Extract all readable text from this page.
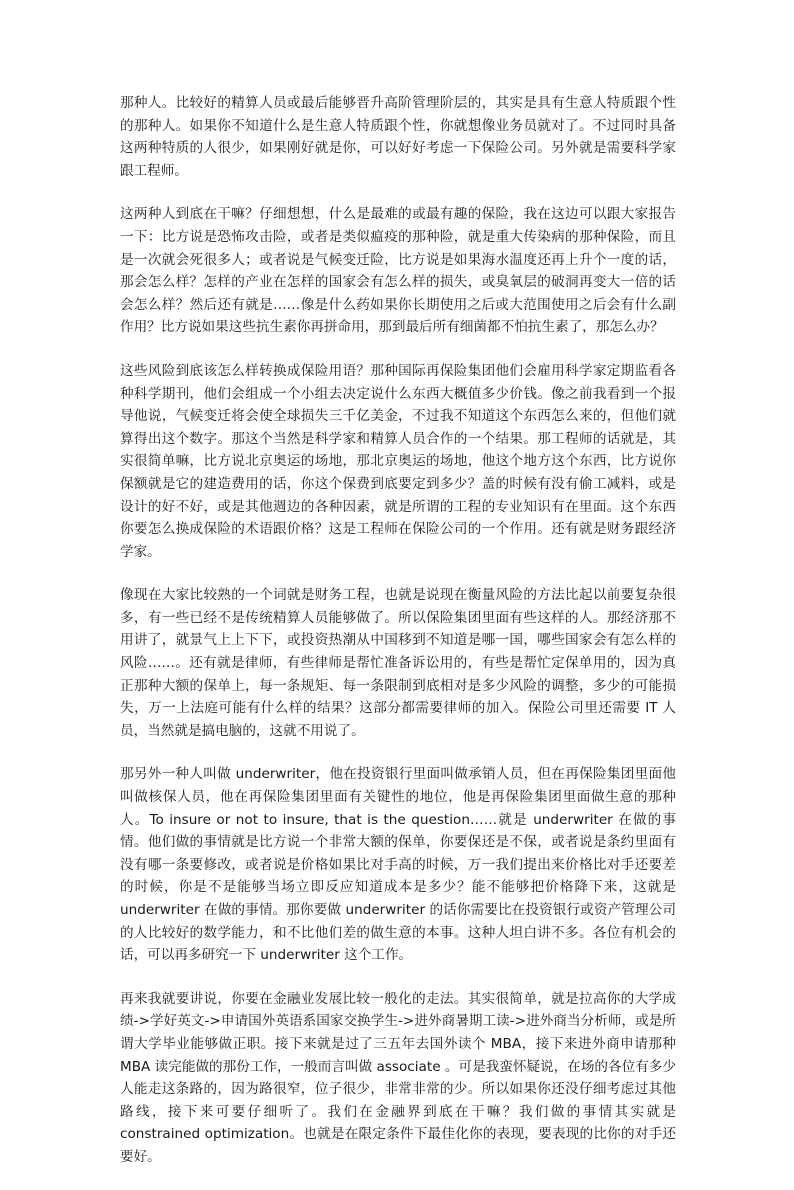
那种人。比较好的精算人员或最后能够晋升高阶管理阶层的，其实是具有生意人特质跟个性的那种人。如果你不知道什么是生意人特质跟个性，你就想像业务员就对了。不过同时具备这两种特质的人很少，如果刚好就是你，可以好好考虑一下保险公司。另外就是需要科学家跟工程师。

这两种人到底在干嘛？仔细想想，什么是最难的或最有趣的保险，我在这边可以跟大家报告一下：比方说是恐怖攻击险，或者是类似瘟疫的那种险，就是重大传染病的那种保险，而且是一次就会死很多人；或者说是气候变迁险，比方说是如果海水温度还再上升个一度的话，那会怎么样？怎样的产业在怎样的国家会有怎么样的损失，或臭氧层的破洞再变大一倍的话会怎么样？然后还有就是……像是什么药如果你长期使用之后或大范围使用之后会有什么副作用？比方说如果这些抗生素你再拼命用，那到最后所有细菌都不怕抗生素了，那怎么办？

这些风险到底该怎么样转换成保险用语？那种国际再保险集团他们会雇用科学家定期监看各种科学期刊，他们会组成一个小组去决定说什么东西大概值多少价钱。像之前我看到一个报导他说，气候变迁将会使全球损失三千亿美金，不过我不知道这个东西怎么来的，但他们就算得出这个数字。那这个当然是科学家和精算人员合作的一个结果。那工程师的话就是，其实很简单嘛，比方说北京奥运的场地，那北京奥运的场地，他这个地方这个东西，比方说你保额就是它的建造费用的话，你这个保费到底要定到多少？盖的时候有没有偷工减料，或是设计的好不好，或是其他週边的各种因素，就是所谓的工程的专业知识有在里面。这个东西你要怎么换成保险的术语跟价格？这是工程师在保险公司的一个作用。还有就是财务跟经济学家。

像现在大家比较熟的一个词就是财务工程，也就是说现在衡量风险的方法比起以前要复杂很多，有一些已经不是传统精算人员能够做了。所以保险集团里面有些这样的人。那经济那不用讲了，就景气上上下下，或投资热潮从中国移到不知道是哪一国，哪些国家会有怎么样的风险……。还有就是律师，有些律师是帮忙准备诉讼用的，有些是帮忙定保单用的，因为真正那种大额的保单上，每一条规矩、每一条限制到底相对是多少风险的调整，多少的可能损失，万一上法庭可能有什么样的结果？这部分都需要律师的加入。保险公司里还需要 IT 人员，当然就是搞电脑的，这就不用说了。

那另外一种人叫做 underwriter，他在投资银行里面叫做承销人员，但在再保险集团里面他叫做核保人员，他在再保险集团里面有关键性的地位，他是再保险集团里面做生意的那种人。To insure or not to insure, that is the question……就是 underwriter 在做的事情。他们做的事情就是比方说一个非常大额的保单，你要保还是不保，或者说是条约里面有没有哪一条要修改，或者说是价格如果比对手高的时候，万一我们提出来价格比对手还要差的时候，你是不是能够当场立即反应知道成本是多少？能不能够把价格降下来，这就是 underwriter 在做的事情。那你要做 underwriter 的话你需要比在投资银行或资产管理公司的人比较好的数学能力，和不比他们差的做生意的本事。这种人坦白讲不多。各位有机会的话，可以再多研究一下 underwriter 这个工作。

再来我就要讲说，你要在金融业发展比较一般化的走法。其实很简单，就是拉高你的大学成绩->学好英文->申请国外英语系国家交换学生->进外商暑期工读->进外商当分析师，或是所谓大学毕业能够做正职。接下来就是过了三五年去国外读个 MBA，接下来进外商申请那种 MBA 读完能做的那份工作，一般而言叫做 associate 。可是我蛮怀疑说，在场的各位有多少人能走这条路的，因为路很窄，位子很少，非常非常的少。所以如果你还没仔细考虑过其他路线，接下来可要仔细听了。我们在金融界到底在干嘛？我们做的事情其实就是 constrained optimization。也就是在限定条件下最佳化你的表现，要表现的比你的对手还要好。
